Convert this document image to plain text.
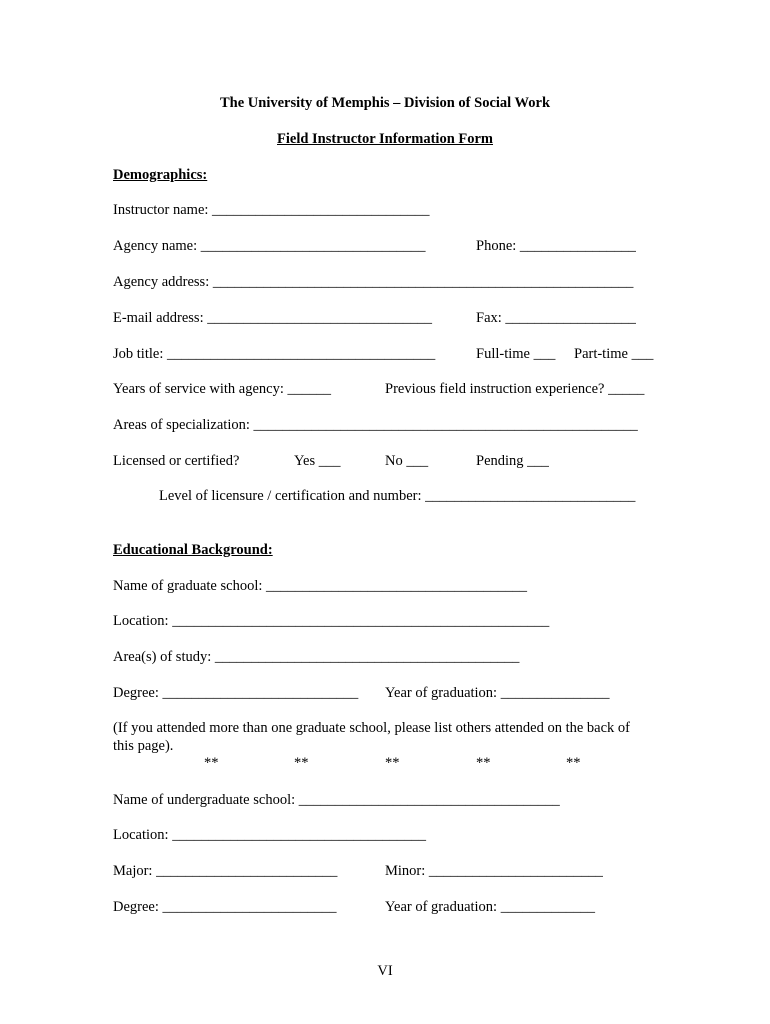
The University of Memphis – Division of Social Work
Field Instructor Information Form
Demographics:
Instructor name: ______________________________
Agency name: _______________________________	Phone: ________________
Agency address: __________________________________________________________
E-mail address: _______________________________	Fax: __________________
Job title: _____________________________________	Full-time ___ Part-time ___
Years of service with agency: ______	Previous field instruction experience? _____
Areas of specialization: _____________________________________________________
Licensed or certified?	Yes ___	No ___	Pending ___
Level of licensure / certification and number: _____________________________
Educational Background:
Name of graduate school: ____________________________________
Location: ____________________________________________________
Area(s) of study: __________________________________________
Degree: ___________________________ Year of graduation: _______________
(If you attended more than one graduate school, please list others attended on the back of
this page).
**	**	**	**	**
Name of undergraduate school: ____________________________________
Location: ___________________________________
Major: _________________________	Minor: ________________________
Degree: ________________________	Year of graduation: _____________
VI
